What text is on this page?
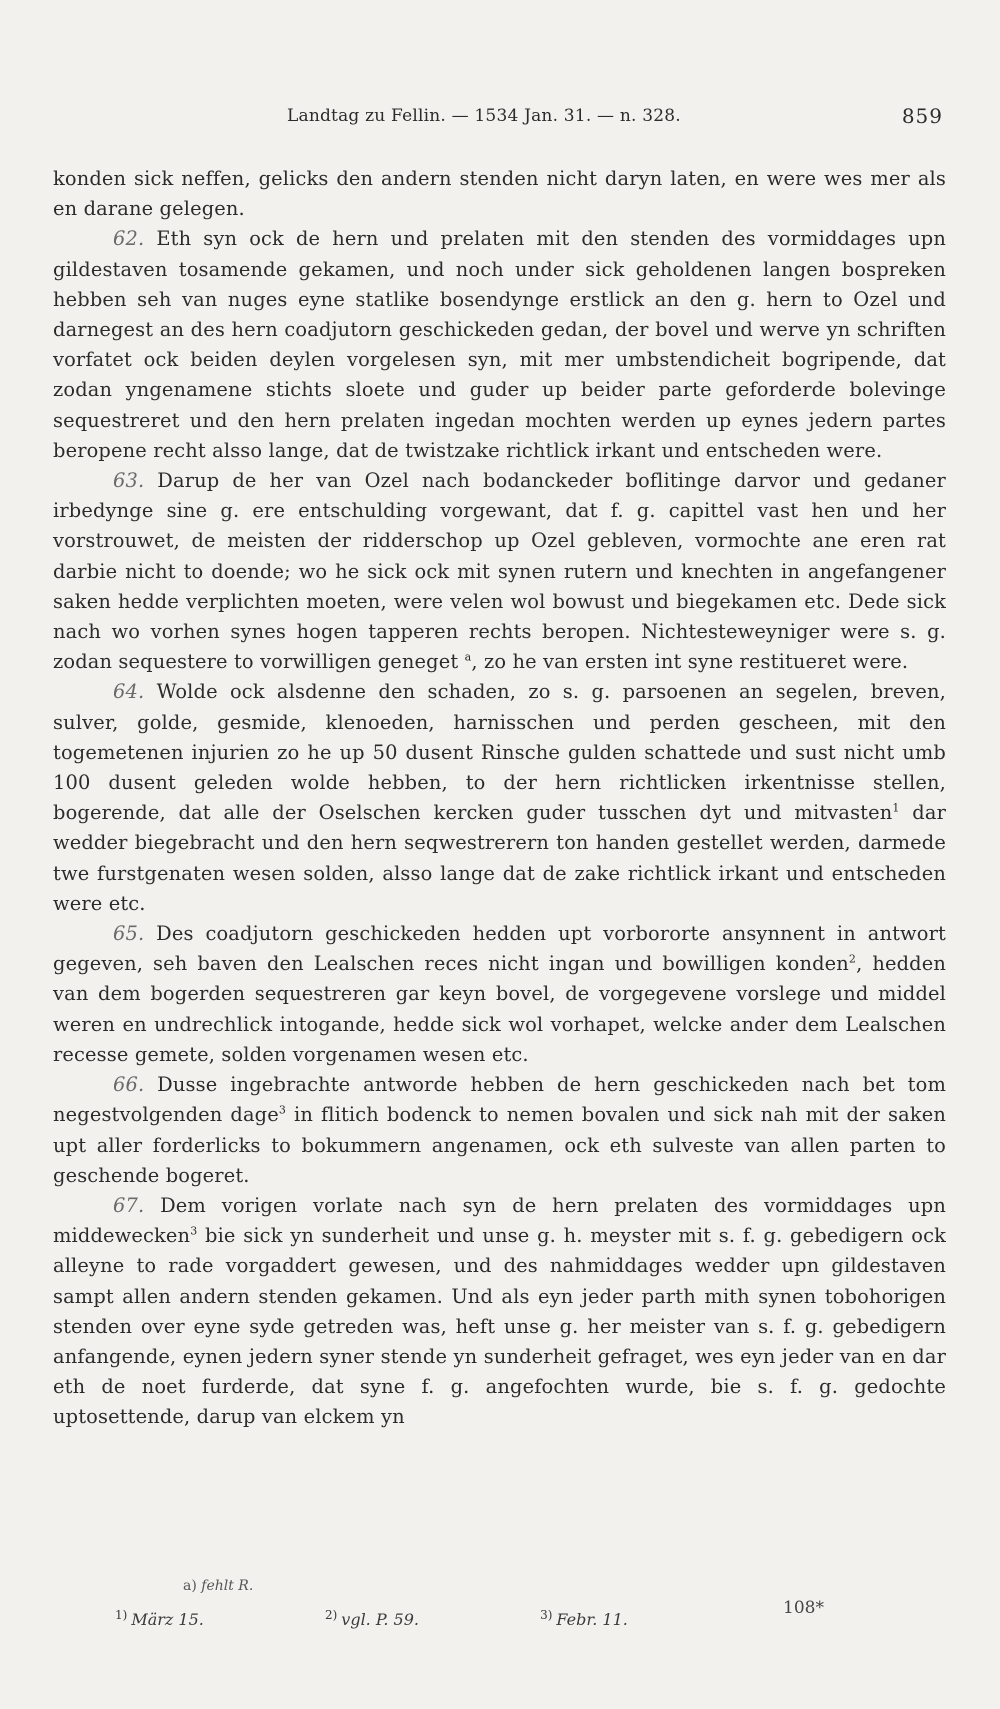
Landtag zu Fellin. — 1534 Jan. 31. — n. 328.	859

konden sick neffen, gelicks den andern stenden nicht daryn laten, en were wes mer als en darane gelegen.

62. Eth syn ock de hern und prelaten mit den stenden des vormiddages upn gildestaven tosamende gekamen, und noch under sick geholdenen langen bospreken hebben seh van nuges eyne statlike bosendynge erstlick an den g. hern to Ozel und darnegest an des hern coadjutorn geschickeden gedan, der bovel und werve yn schriften vorfatet ock beiden deylen vorgelesen syn, mit mer umbstendicheit bogripende, dat zodan yngenamene stichts sloete und guder up beider parte geforderde bolevinge sequestreret und den hern prelaten ingedan mochten werden up eynes jedern partes beropene recht alsso lange, dat de twistzake richtlick irkant und entscheden were.

63. Darup de her van Ozel nach bodanckeder boflitinge darvor und gedaner irbedynge sine g. ere entschulding vorgewant, dat f. g. capittel vast hen und her vorstrouwet, de meisten der ridderschop up Ozel gebleven, vormochte ane eren rat darbie nicht to doende; wo he sick ock mit synen rutern und knechten in angefangener saken hedde verplichten moeten, were velen wol bowust und biegekamen etc. Dede sick nach wo vorhen synes hogen tapperen rechts beropen. Nichtesteweyniger were s. g. zodan sequestere to vorwilligen geneget $^a$, zo he van ersten int syne restitueret were.

64. Wolde ock alsdenne den schaden, zo s. g. parsoenen an segelen, breven, sulver, golde, gesmide, klenoeden, harnisschen und perden gescheen, mit den togemetenen injurien zo he up 50 dusent Rinsche gulden schattede und sust nicht umb 100 dusent geleden wolde hebben, to der hern richtlicken irkentnisse stellen, bogerende, dat alle der Oselschen kercken guder tusschen dyt und mitvasten$^1$ dar wedder biegebracht und den hern seqwestrerern ton handen gestellet werden, darmede twe furstgenaten wesen solden, alsso lange dat de zake richtlick irkant und entscheden were etc.

65. Des coadjutorn geschickeden hedden upt vorbororte ansynnent in antwort gegeven, seh baven den Lealschen reces nicht ingan und bowilligen konden$^2$, hedden van dem bogerden sequestreren gar keyn bovel, de vorgegevene vorslege und middel weren en undrechlick intogande, hedde sick wol vorhapet, welcke ander dem Lealschen recesse gemete, solden vorgenamen wesen etc.

66. Dusse ingebrachte antworde hebben de hern geschickeden nach bet tom negestvolgenden dage$^3$ in flitich bodenck to nemen bovalen und sick nah mit der saken upt aller forderlicks to bokummern angenamen, ock eth sulveste van allen parten to geschende bogeret.

67. Dem vorigen vorlate nach syn de hern prelaten des vormiddages upn middewecken$^3$ bie sick yn sunderheit und unse g. h. meyster mit s. f. g. gebedigern ock alleyne to rade vorgaddert gewesen, und des nahmiddages wedder upn gildestaven sampt allen andern stenden gekamen. Und als eyn jeder parth mith synen tobohorigen stenden over eyne syde getreden was, heft unse g. her meister van s. f. g. gebedigern anfangende, eynen jedern syner stende yn sunderheit gefraget, wes eyn jeder van en dar eth de noet furderde, dat syne f. g. angefochten wurde, bie s. f. g. gedochte uptosettende, darup van elckem yn

a) fehlt R.
$^{1)}$ März 15.	$^{2)}$ vgl. P. 59.	$^{3)}$ Febr. 11.
108*
